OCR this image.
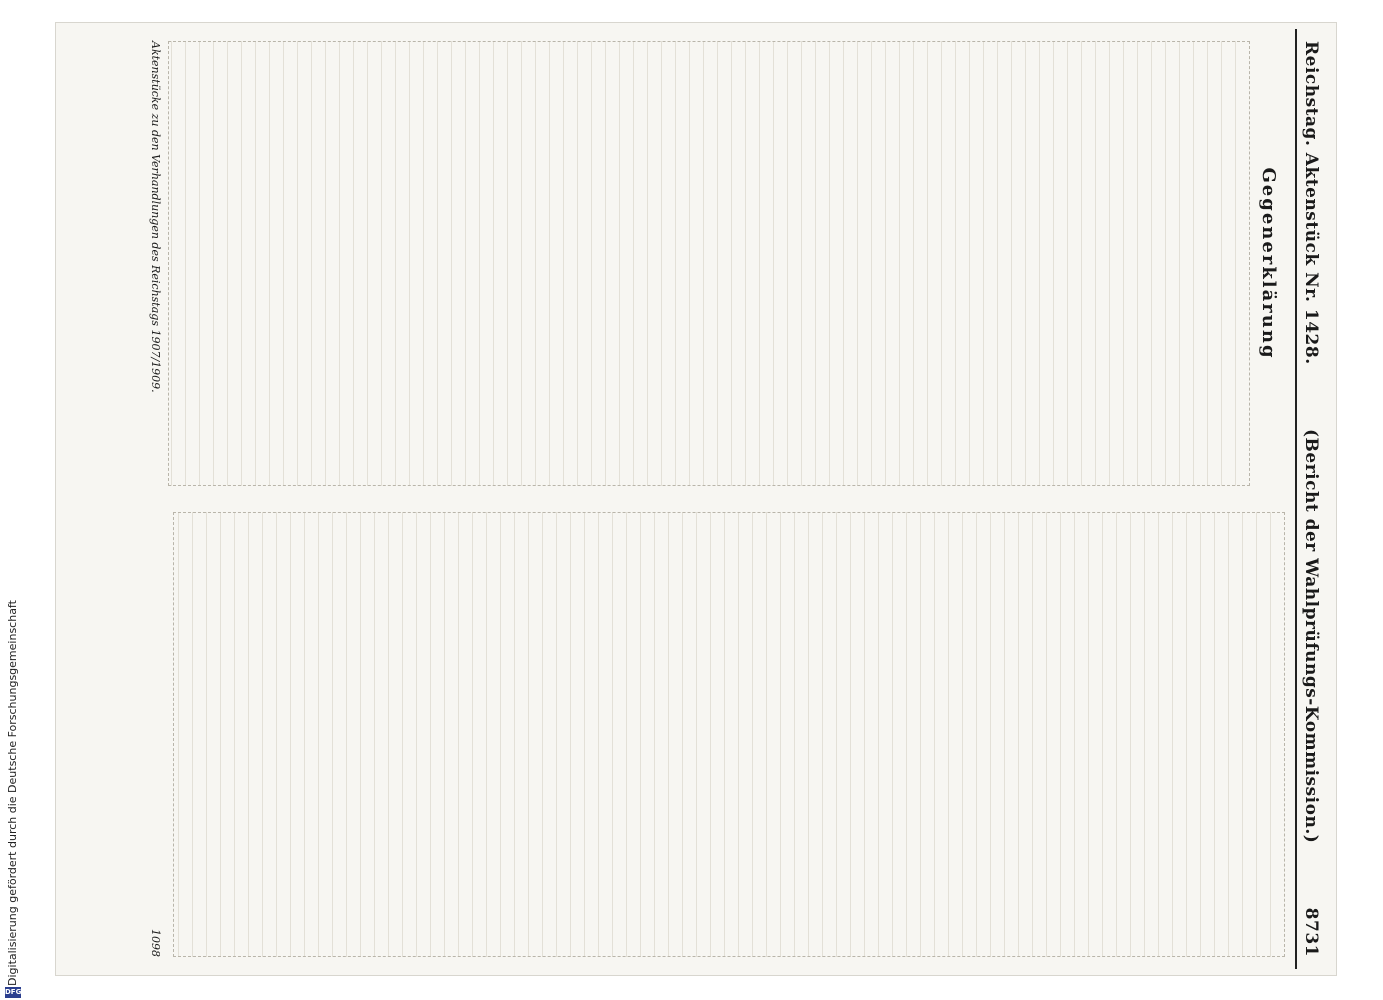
Reichstag. Aktenstück Nr. 1428.
(Bericht der Wahlprüfungs-Kommission.)
8731
Gegenerklärung
Aktenstücke zu den Verhandlungen des Reichstags 1907/1909.
1098
Digitalisierung gefördert durch die Deutsche Forschungsgemeinschaft
DFG
